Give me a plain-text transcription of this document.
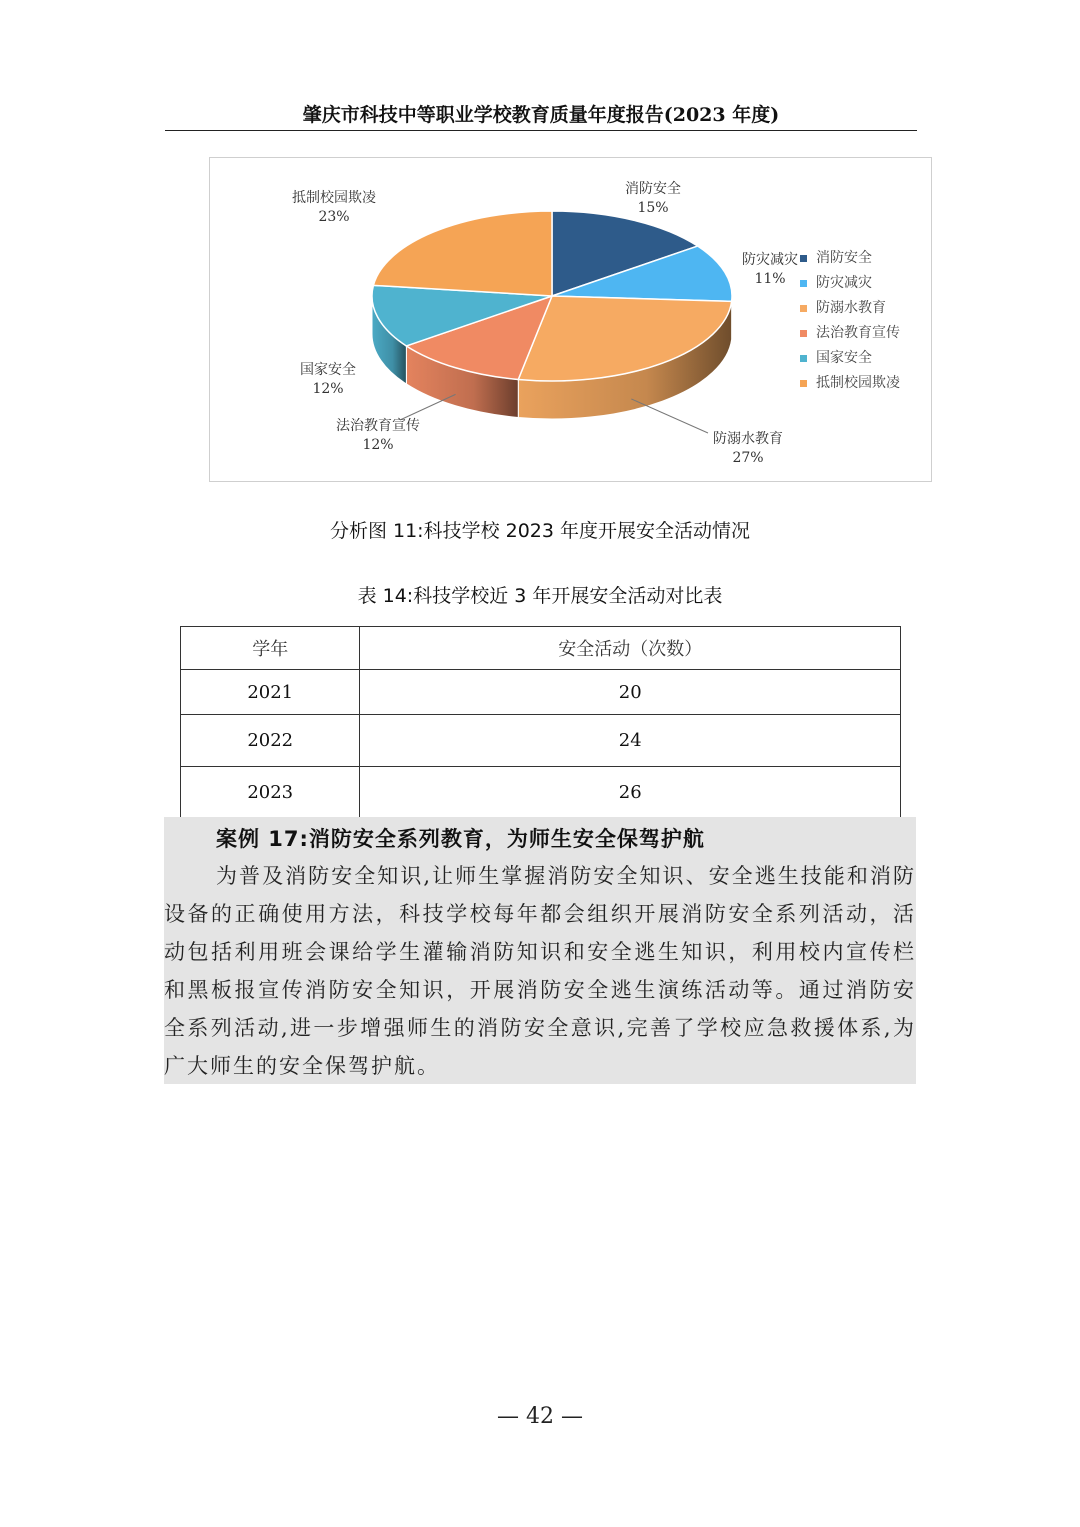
肇庆市科技中等职业学校教育质量年度报告(2023 年度)
消防安全
15%
防灾减灾
11%
防溺水教育
27%
法治教育宣传
12%
国家安全
12%
抵制校园欺凌
23%
消防安全
防灾减灾
防溺水教育
法治教育宣传
国家安全
抵制校园欺凌
分析图 11:科技学校 2023 年度开展安全活动情况
表 14:科技学校近 3 年开展安全活动对比表
学年	安全活动（次数）
2021	20
2022	24
2023	26
案例 17:消防安全系列教育，为师生安全保驾护航
为普及消防安全知识,让师生掌握消防安全知识、安全逃生技能和消防设备的正确使用方法，科技学校每年都会组织开展消防安全系列活动，活动包括利用班会课给学生灌输消防知识和安全逃生知识，利用校内宣传栏和黑板报宣传消防安全知识，开展消防安全逃生演练活动等。通过消防安全系列活动,进一步增强师生的消防安全意识,完善了学校应急救援体系,为广大师生的安全保驾护航。
— 42 —
